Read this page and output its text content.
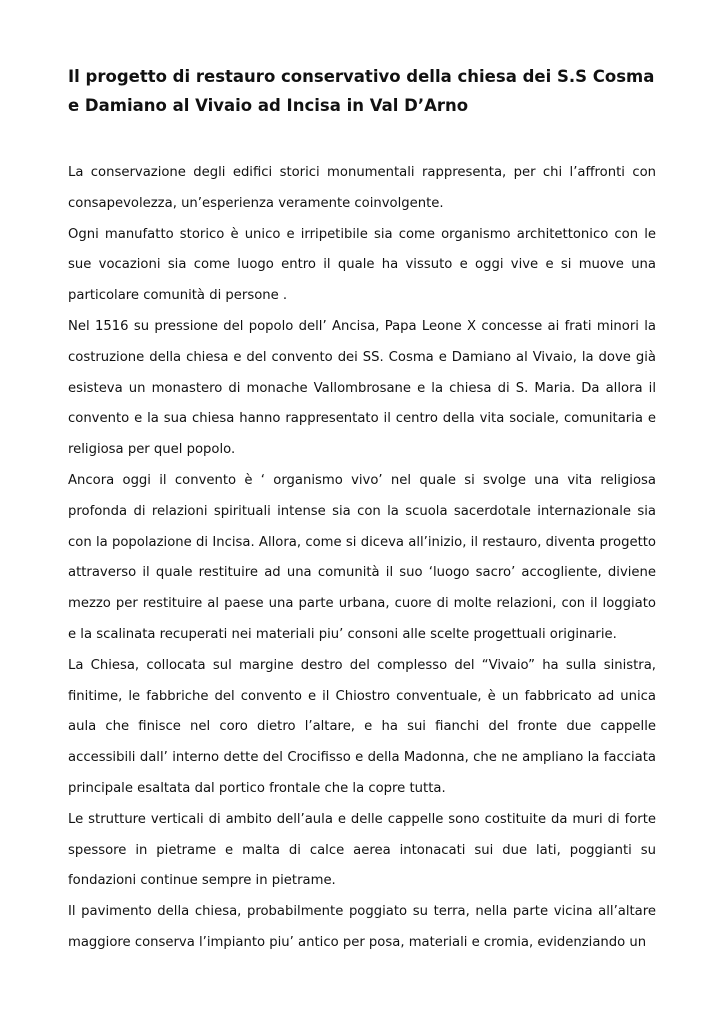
Il progetto di restauro conservativo della chiesa dei S.S Cosma e Damiano al Vivaio ad Incisa in Val D’Arno

La conservazione degli edifici storici monumentali rappresenta, per chi l’affronti con consapevolezza, un’esperienza veramente coinvolgente.

Ogni manufatto storico è unico e irripetibile sia come organismo architettonico con le sue vocazioni sia come luogo entro il quale ha vissuto e oggi vive e si muove una particolare comunità di persone .

Nel 1516 su pressione del popolo dell’ Ancisa, Papa Leone X concesse ai frati minori la costruzione della chiesa e del convento dei SS. Cosma e Damiano al Vivaio, la dove già esisteva un monastero di monache Vallombrosane e la chiesa di S. Maria. Da allora il convento e la sua chiesa hanno rappresentato il centro della vita sociale, comunitaria e religiosa per quel popolo.

Ancora oggi il convento è ‘ organismo vivo’ nel quale si svolge una vita religiosa profonda di relazioni spirituali intense sia con la scuola sacerdotale internazionale sia con la popolazione di Incisa. Allora, come si diceva all’inizio, il restauro, diventa progetto attraverso il quale restituire ad una comunità il suo ‘luogo sacro’ accogliente, diviene mezzo per restituire al paese una parte urbana, cuore di molte relazioni, con il loggiato e la scalinata recuperati nei materiali piu’ consoni alle scelte progettuali originarie.

La Chiesa, collocata sul margine destro del complesso del “Vivaio” ha sulla sinistra, finitime, le fabbriche del convento e il Chiostro conventuale, è un fabbricato ad unica aula che finisce nel coro dietro l’altare, e ha sui fianchi del fronte due cappelle accessibili dall’ interno dette del Crocifisso e della Madonna, che ne ampliano la facciata principale esaltata dal portico frontale che la copre tutta.

Le strutture verticali di ambito dell’aula e delle cappelle sono costituite da muri di forte spessore in pietrame e malta di calce aerea intonacati sui due lati, poggianti su fondazioni continue sempre in pietrame.

Il pavimento della chiesa, probabilmente poggiato su terra, nella parte vicina all’altare maggiore conserva l’impianto piu’ antico per posa, materiali e cromia, evidenziando un
